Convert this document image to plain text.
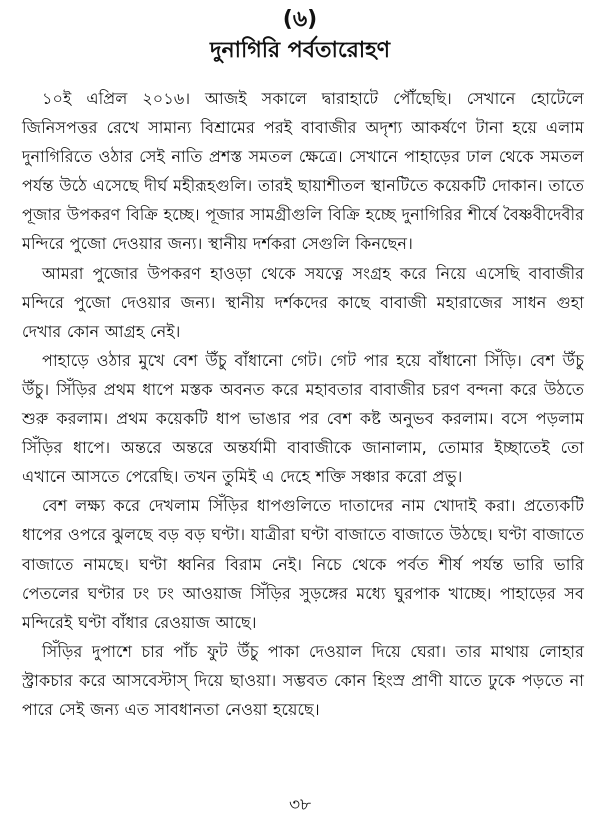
(৬)
দুনাগিরি পর্বতারোহণ

১০ই এপ্রিল ২০১৬। আজই সকালে দ্বারাহাটে পৌঁছেছি। সেখানে হোটেলে জিনিসপত্তর রেখে সামান্য বিশ্রামের পরই বাবাজীর অদৃশ্য আকর্ষণে টানা হয়ে এলাম দুনাগিরিতে ওঠার সেই নাতি প্রশস্ত সমতল ক্ষেত্রে। সেখানে পাহাড়ের ঢাল থেকে সমতল পর্যন্ত উঠে এসেছে দীর্ঘ মহীরূহগুলি। তারই ছায়াশীতল স্থানটিতে কয়েকটি দোকান। তাতে পূজার উপকরণ বিক্রি হচ্ছে। পূজার সামগ্রীগুলি বিক্রি হচ্ছে দুনাগিরির শীর্ষে বৈষ্ণবীদেবীর মন্দিরে পুজো দেওয়ার জন্য। স্থানীয় দর্শকরা সেগুলি কিনছেন।

আমরা পুজোর উপকরণ হাওড়া থেকে সযত্নে সংগ্রহ করে নিয়ে এসেছি বাবাজীর মন্দিরে পুজো দেওয়ার জন্য। স্থানীয় দর্শকদের কাছে বাবাজী মহারাজের সাধন গুহা দেখার কোন আগ্রহ নেই।

পাহাড়ে ওঠার মুখে বেশ উঁচু বাঁধানো গেট। গেট পার হয়ে বাঁধানো সিঁড়ি। বেশ উঁচু উঁচু। সিঁড়ির প্রথম ধাপে মস্তক অবনত করে মহাবতার বাবাজীর চরণ বন্দনা করে উঠতে শুরু করলাম। প্রথম কয়েকটি ধাপ ভাঙার পর বেশ কষ্ট অনুভব করলাম। বসে পড়লাম সিঁড়ির ধাপে। অন্তরে অন্তরে অন্তর্যামী বাবাজীকে জানালাম, তোমার ইচ্ছাতেই তো এখানে আসতে পেরেছি। তখন তুমিই এ দেহে শক্তি সঞ্চার করো প্রভু।

বেশ লক্ষ্য করে দেখলাম সিঁড়ির ধাপগুলিতে দাতাদের নাম খোদাই করা। প্রত্যেকটি ধাপের ওপরে ঝুলছে বড় বড় ঘণ্টা। যাত্রীরা ঘণ্টা বাজাতে বাজাতে উঠছে। ঘণ্টা বাজাতে বাজাতে নামছে। ঘণ্টা ধ্বনির বিরাম নেই। নিচে থেকে পর্বত শীর্ষ পর্যন্ত ভারি ভারি পেতলের ঘণ্টার ঢং ঢং আওয়াজ সিঁড়ির সুড়ঙ্গের মধ্যে ঘুরপাক খাচ্ছে। পাহাড়ের সব মন্দিরেই ঘণ্টা বাঁধার রেওয়াজ আছে।

সিঁড়ির দুপাশে চার পাঁচ ফুট উঁচু পাকা দেওয়াল দিয়ে ঘেরা। তার মাথায় লোহার স্ট্রাকচার করে আসবেস্টাস্ দিয়ে ছাওয়া। সম্ভবত কোন হিংস্র প্রাণী যাতে ঢুকে পড়তে না পারে সেই জন্য এত সাবধানতা নেওয়া হয়েছে।

৩৮
